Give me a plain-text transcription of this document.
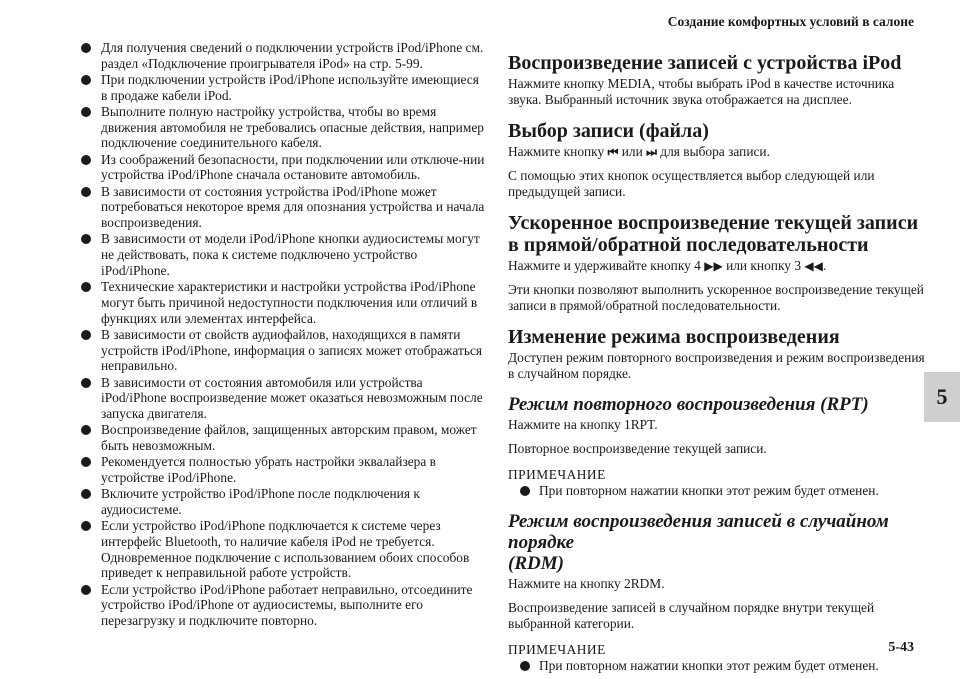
Создание комфортных условий в салоне
5
Для получения сведений о подключении устройств iPod/iPhone см. раздел «Подключение проигрывателя iPod» на стр. 5-99.
При подключении устройств iPod/iPhone используйте имеющиеся в продаже кабели iPod.
Выполните полную настройку устройства, чтобы во время движения автомобиля не требовались опасные действия, например подключение соединительного кабеля.
Из соображений безопасности, при подключении или отключе-нии устройства iPod/iPhone сначала остановите автомобиль.
В зависимости от состояния устройства iPod/iPhone может потребоваться некоторое время для опознания устройства и начала воспроизведения.
В зависимости от модели iPod/iPhone кнопки аудиосистемы могут не действовать, пока к системе подключено устройство iPod/iPhone.
Технические характеристики и настройки устройства iPod/iPhone могут быть причиной недоступности подключения или отличий в функциях или элементах интерфейса.
В зависимости от свойств аудиофайлов, находящихся в памяти устройств iPod/iPhone, информация о записях может отображаться неправильно.
В зависимости от состояния автомобиля или устройства iPod/iPhone воспроизведение может оказаться невозможным после запуска двигателя.
Воспроизведение файлов, защищенных авторским правом, может быть невозможным.
Рекомендуется полностью убрать настройки эквалайзера в устройстве iPod/iPhone.
Включите устройство iPod/iPhone после подключения к аудиосистеме.
Если устройство iPod/iPhone подключается к системе через интерфейс Bluetooth, то наличие кабеля iPod не требуется. Одновременное подключение с использованием обоих способов приведет к неправильной работе устройств.
Если устройство iPod/iPhone работает неправильно, отсоедините устройство iPod/iPhone от аудиосистемы, выполните его перезагрузку и подключите повторно.
Воспроизведение записей с устройства iPod

Нажмите кнопку MEDIA, чтобы выбрать iPod в качестве источника звука. Выбранный источник звука отображается на дисплее.

Выбор записи (файла)

Нажмите кнопку ⏮ или ⏭ для выбора записи.

С помощью этих кнопок осуществляется выбор следующей или предыдущей записи.

Ускоренное воспроизведение текущей записи
в прямой/обратной последовательности

Нажмите и удерживайте кнопку 4 ▶▶ или кнопку 3 ◀◀.

Эти кнопки позволяют выполнить ускоренное воспроизведение текущей записи в прямой/обратной последовательности.

Изменение режима воспроизведения

Доступен режим повторного воспроизведения и режим воспроизведения в случайном порядке.

Режим повторного воспроизведения (RPT)

Нажмите на кнопку 1RPT.

Повторное воспроизведение текущей записи.

ПРИМЕЧАНИЕ

При повторном нажатии кнопки этот режим будет отменен.

Режим воспроизведения записей в случайном порядке
(RDM)

Нажмите на кнопку 2RDM.

Воспроизведение записей в случайном порядке внутри текущей выбранной категории.

ПРИМЕЧАНИЕ

При повторном нажатии кнопки этот режим будет отменен.

5-43
